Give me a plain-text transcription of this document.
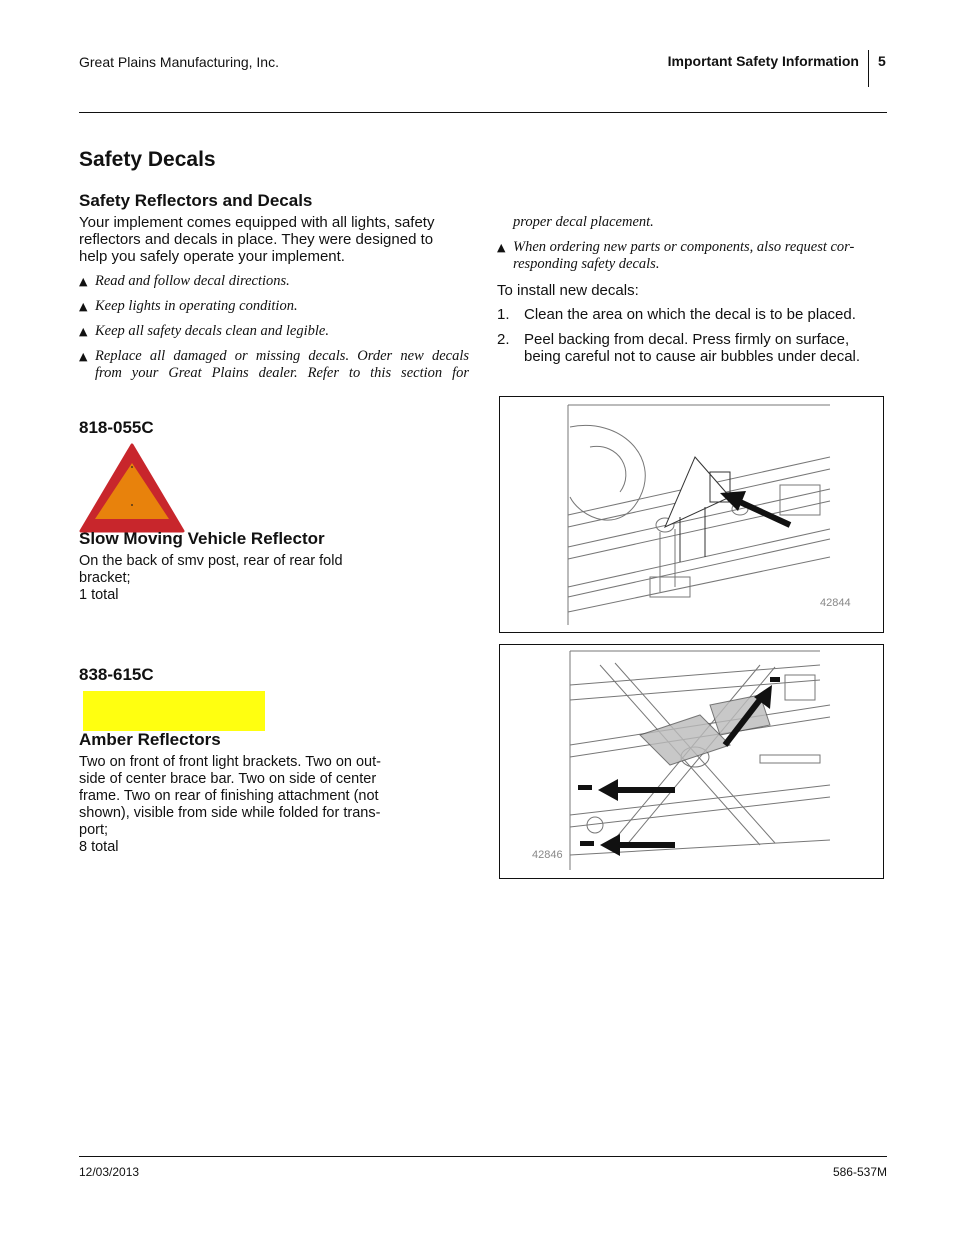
Great Plains Manufacturing, Inc.	Important Safety Information 5
Safety Decals
Safety Reflectors and Decals
Your implement comes equipped with all lights, safety
reflectors and decals in place. They were designed to
help you safely operate your implement.
▲ Read and follow decal directions.
▲ Keep lights in operating condition.
▲ Keep all safety decals clean and legible.
▲ Replace all damaged or missing decals. Order new decals
from your Great Plains dealer. Refer to this section for
proper decal placement.
▲ When ordering new parts or components, also request cor-
responding safety decals.
To install new decals:
1. Clean the area on which the decal is to be placed.
2. Peel backing from decal. Press firmly on surface,
being careful not to cause air bubbles under decal.
818-055C
Slow Moving Vehicle Reflector
On the back of smv post, rear of rear fold
bracket;
1 total
838-615C
Amber Reflectors
Two on front of front light brackets. Two on out-
side of center brace bar. Two on side of center
frame. Two on rear of finishing attachment (not
shown), visible from side while folded for trans-
port;
8 total
42844
42846
12/03/2013	586-537M
